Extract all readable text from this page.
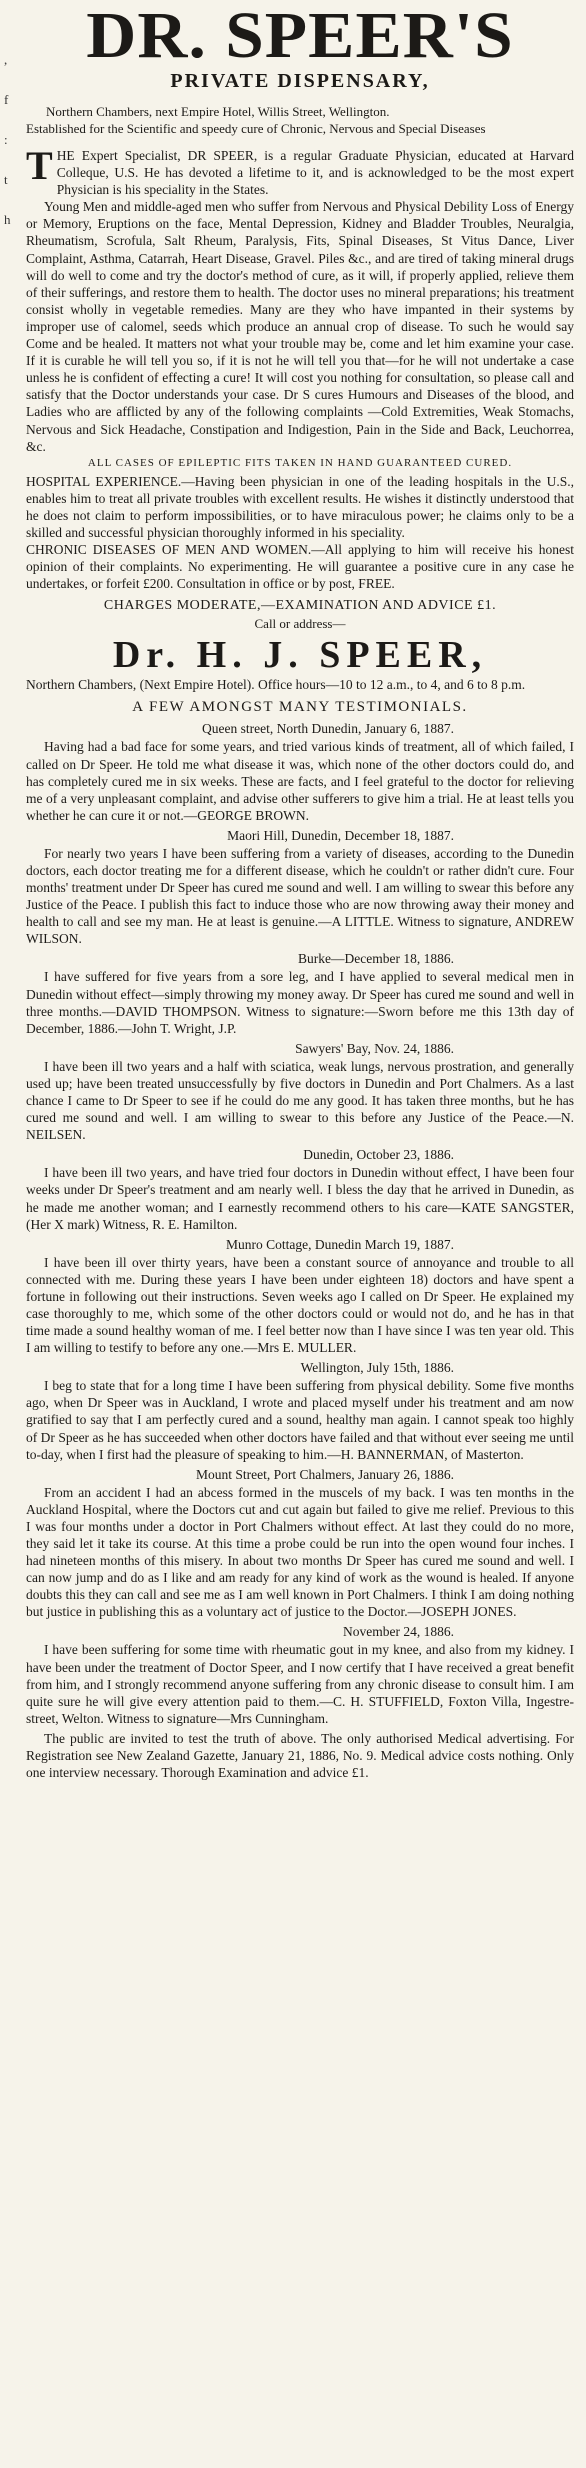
,
f
:
t
h
DR. SPEER'S
PRIVATE DISPENSARY,
Northern Chambers, next Empire Hotel, Willis Street, Wellington.
Established for the Scientific and speedy cure of Chronic, Nervous and Special Diseases
T HE Expert Specialist, DR SPEER, is a regular Graduate Physician, educated at Harvard Colleque, U.S. He has devoted a lifetime to it, and is acknowledged to be the most expert Physician is his speciality in the States.

Young Men and middle-aged men who suffer from Nervous and Physical Debility Loss of Energy or Memory, Eruptions on the face, Mental Depression, Kidney and Bladder Troubles, Neuralgia, Rheumatism, Scrofula, Salt Rheum, Paralysis, Fits, Spinal Diseases, St Vitus Dance, Liver Complaint, Asthma, Catarrah, Heart Disease, Gravel. Piles &c., and are tired of taking mineral drugs will do well to come and try the doctor's method of cure, as it will, if properly applied, relieve them of their sufferings, and restore them to health. The doctor uses no mineral preparations; his treatment consist wholly in vegetable remedies. Many are they who have impanted in their systems by improper use of calomel, seeds which produce an annual crop of disease. To such he would say Come and be healed. It matters not what your trouble may be, come and let him examine your case. If it is curable he will tell you so, if it is not he will tell you that—for he will not undertake a case unless he is confident of effecting a cure! It will cost you nothing for consultation, so please call and satisfy that the Doctor understands your case. Dr S cures Humours and Diseases of the blood, and Ladies who are afflicted by any of the following complaints —Cold Extremities, Weak Stomachs, Nervous and Sick Headache, Constipation and Indigestion, Pain in the Side and Back, Leuchorrea, &c.

ALL CASES OF EPILEPTIC FITS TAKEN IN HAND GUARANTEED CURED.

HOSPITAL EXPERIENCE.—Having been physician in one of the leading hospitals in the U.S., enables him to treat all private troubles with excellent results. He wishes it distinctly understood that he does not claim to perform impossibilities, or to have miraculous power; he claims only to be a skilled and successful physician thoroughly informed in his speciality.

CHRONIC DISEASES OF MEN AND WOMEN.—All applying to him will receive his honest opinion of their complaints. No experimenting. He will guarantee a positive cure in any case he undertakes, or forfeit £200. Consultation in office or by post, FREE.

CHARGES MODERATE,—EXAMINATION AND ADVICE £1.
Call or address—
Dr. H. J. SPEER,
Northern Chambers, (Next Empire Hotel). Office hours—10 to 12 a.m., to 4, and 6 to 8 p.m.
A FEW AMONGST MANY TESTIMONIALS.
Queen street, North Dunedin, January 6, 1887.

Having had a bad face for some years, and tried various kinds of treatment, all of which failed, I called on Dr Speer. He told me what disease it was, which none of the other doctors could do, and has completely cured me in six weeks. These are facts, and I feel grateful to the doctor for relieving me of a very unpleasant complaint, and advise other sufferers to give him a trial. He at least tells you whether he can cure it or not.—GEORGE BROWN.

Maori Hill, Dunedin, December 18, 1887.

For nearly two years I have been suffering from a variety of diseases, according to the Dunedin doctors, each doctor treating me for a different disease, which he couldn't or rather didn't cure. Four months' treatment under Dr Speer has cured me sound and well. I am willing to swear this before any Justice of the Peace. I publish this fact to induce those who are now throwing away their money and health to call and see my man. He at least is genuine.—A LITTLE. Witness to signature, ANDREW WILSON.

Burke—December 18, 1886.

I have suffered for five years from a sore leg, and I have applied to several medical men in Dunedin without effect—simply throwing my money away. Dr Speer has cured me sound and well in three months.—DAVID THOMPSON. Witness to signature:—Sworn before me this 13th day of December, 1886.—John T. Wright, J.P.

Sawyers' Bay, Nov. 24, 1886.

I have been ill two years and a half with sciatica, weak lungs, nervous prostration, and generally used up; have been treated unsuccessfully by five doctors in Dunedin and Port Chalmers. As a last chance I came to Dr Speer to see if he could do me any good. It has taken three months, but he has cured me sound and well. I am willing to swear to this before any Justice of the Peace.—N. NEILSEN.

Dunedin, October 23, 1886.

I have been ill two years, and have tried four doctors in Dunedin without effect, I have been four weeks under Dr Speer's treatment and am nearly well. I bless the day that he arrived in Dunedin, as he made me another woman; and I earnestly recommend others to his care—KATE SANGSTER, (Her X mark) Witness, R. E. Hamilton.

Munro Cottage, Dunedin March 19, 1887.

I have been ill over thirty years, have been a constant source of annoyance and trouble to all connected with me. During these years I have been under eighteen 18) doctors and have spent a fortune in following out their instructions. Seven weeks ago I called on Dr Speer. He explained my case thoroughly to me, which some of the other doctors could or would not do, and he has in that time made a sound healthy woman of me. I feel better now than I have since I was ten year old. This I am willing to testify to before any one.—Mrs E. MULLER.

Wellington, July 15th, 1886.

I beg to state that for a long time I have been suffering from physical debility. Some five months ago, when Dr Speer was in Auckland, I wrote and placed myself under his treatment and am now gratified to say that I am perfectly cured and a sound, healthy man again. I cannot speak too highly of Dr Speer as he has succeeded when other doctors have failed and that without ever seeing me until to-day, when I first had the pleasure of speaking to him.—H. BANNERMAN, of Masterton.

Mount Street, Port Chalmers, January 26, 1886.

From an accident I had an abcess formed in the muscels of my back. I was ten months in the Auckland Hospital, where the Doctors cut and cut again but failed to give me relief. Previous to this I was four months under a doctor in Port Chalmers without effect. At last they could do no more, they said let it take its course. At this time a probe could be run into the open wound four inches. I had nineteen months of this misery. In about two months Dr Speer has cured me sound and well. I can now jump and do as I like and am ready for any kind of work as the wound is healed. If anyone doubts this they can call and see me as I am well known in Port Chalmers. I think I am doing nothing but justice in publishing this as a voluntary act of justice to the Doctor.—JOSEPH JONES.

November 24, 1886.

I have been suffering for some time with rheumatic gout in my knee, and also from my kidney. I have been under the treatment of Doctor Speer, and I now certify that I have received a great benefit from him, and I strongly recommend anyone suffering from any chronic disease to consult him. I am quite sure he will give every attention paid to them.—C. H. STUFFIELD, Foxton Villa, Ingestre-street, Welton. Witness to signature—Mrs Cunningham.

The public are invited to test the truth of above. The only authorised Medical advertising. For Registration see New Zealand Gazette, January 21, 1886, No. 9. Medical advice costs nothing. Only one interview necessary. Thorough Examination and advice £1.
